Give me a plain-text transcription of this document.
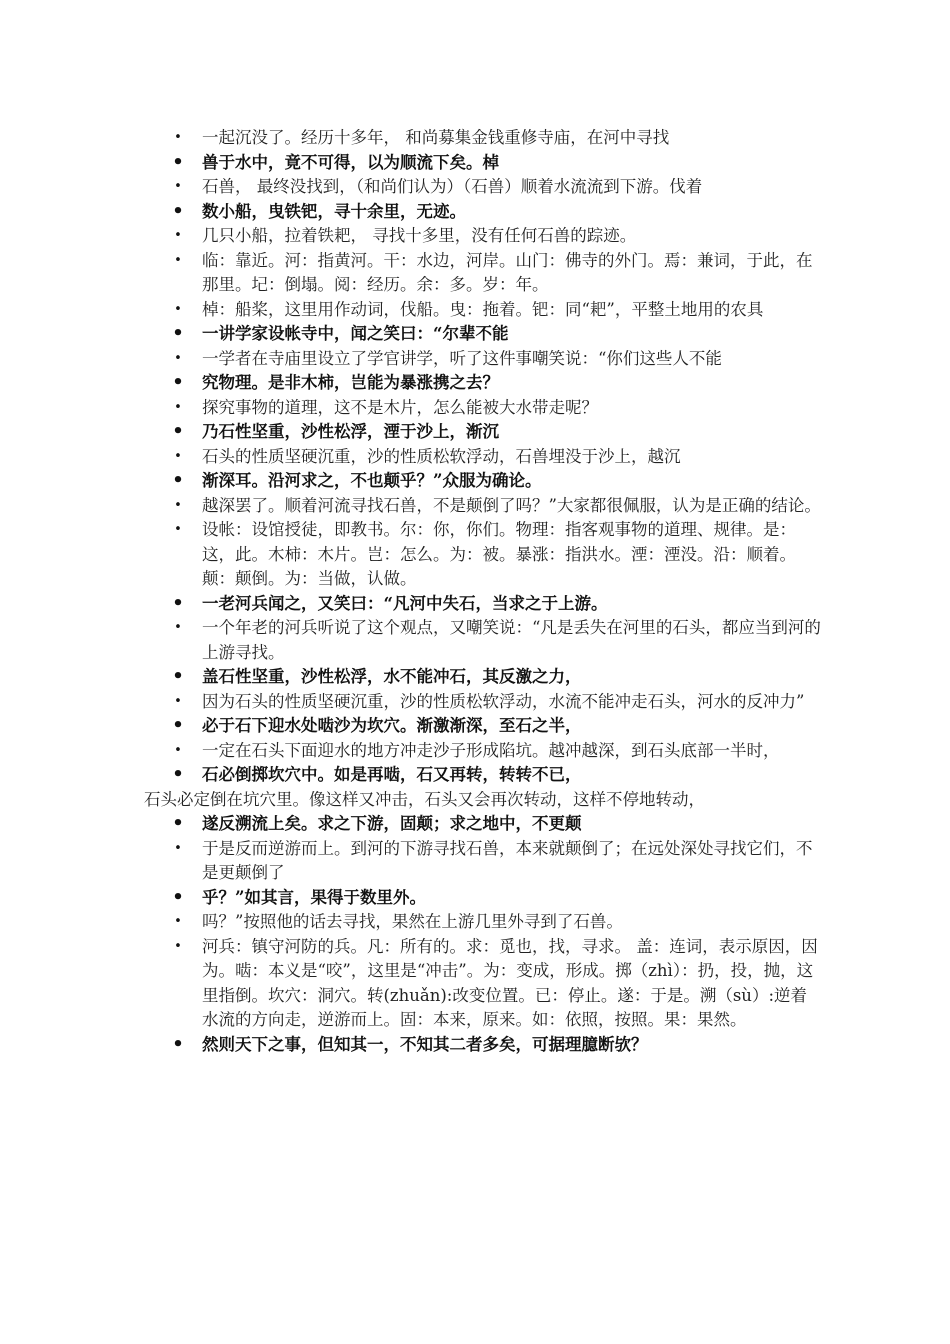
• 一起沉没了。经历十多年， 和尚募集金钱重修寺庙，在河中寻找
• 兽于水中，竟不可得，以为顺流下矣。棹
• 石兽， 最终没找到，（和尚们认为）（石兽）顺着水流流到下游。伐着
• 数小船，曳铁钯，寻十余里，无迹。
• 几只小船，拉着铁耙， 寻找十多里，没有任何石兽的踪迹。
• 临：靠近。河：指黄河。干：水边，河岸。山门：佛寺的外门。焉：兼词，于此，在那里。圮：倒塌。阅：经历。余：多。岁：年。
• 棹：船桨，这里用作动词，伐船。曳：拖着。钯：同“耙”，平整土地用的农具
• 一讲学家设帐寺中，闻之笑曰：“尔辈不能
• 一学者在寺庙里设立了学官讲学，听了这件事嘲笑说：“你们这些人不能
• 究物理。是非木柿，岂能为暴涨携之去？
• 探究事物的道理，这不是木片，怎么能被大水带走呢？
• 乃石性坚重，沙性松浮，湮于沙上，渐沉
• 石头的性质坚硬沉重，沙的性质松软浮动，石兽埋没于沙上，越沉
• 渐深耳。沿河求之，不也颠乎？”众服为确论。
• 越深罢了。顺着河流寻找石兽，不是颠倒了吗？”大家都很佩服，认为是正确的结论。
• 设帐：设馆授徒，即教书。尔：你，你们。物理：指客观事物的道理、规律。是：这，此。木柿：木片。岂：怎么。为：被。暴涨：指洪水。湮：湮没。沿：顺着。颠：颠倒。为：当做，认做。
• 一老河兵闻之，又笑曰：“凡河中失石，当求之于上游。
• 一个年老的河兵听说了这个观点，又嘲笑说：“凡是丢失在河里的石头，都应当到河的上游寻找。
• 盖石性坚重，沙性松浮，水不能冲石，其反激之力，
• 因为石头的性质坚硬沉重，沙的性质松软浮动，水流不能冲走石头，河水的反冲力”
• 必于石下迎水处啮沙为坎穴。渐激渐深，至石之半，
• 一定在石头下面迎水的地方冲走沙子形成陷坑。越冲越深，到石头底部一半时，
• 石必倒掷坎穴中。如是再啮，石又再转，转转不已，
石头必定倒在坑穴里。像这样又冲击，石头又会再次转动，这样不停地转动，
• 遂反溯流上矣。求之下游，固颠；求之地中，不更颠
• 于是反而逆游而上。到河的下游寻找石兽，本来就颠倒了；在远处深处寻找它们，不是更颠倒了
• 乎？”如其言，果得于数里外。
• 吗？”按照他的话去寻找，果然在上游几里外寻到了石兽。
• 河兵：镇守河防的兵。凡：所有的。求：觅也，找，寻求。 盖：连词，表示原因，因为。啮：本义是“咬”，这里是“冲击”。为：变成，形成。掷（zhì）：扔，投，抛，这里指倒。坎穴：洞穴。转(zhuǎn):改变位置。已：停止。遂：于是。溯（sù）:逆着水流的方向走，逆游而上。固：本来，原来。如：依照，按照。果：果然。
• 然则天下之事，但知其一，不知其二者多矣，可据理臆断欤？
